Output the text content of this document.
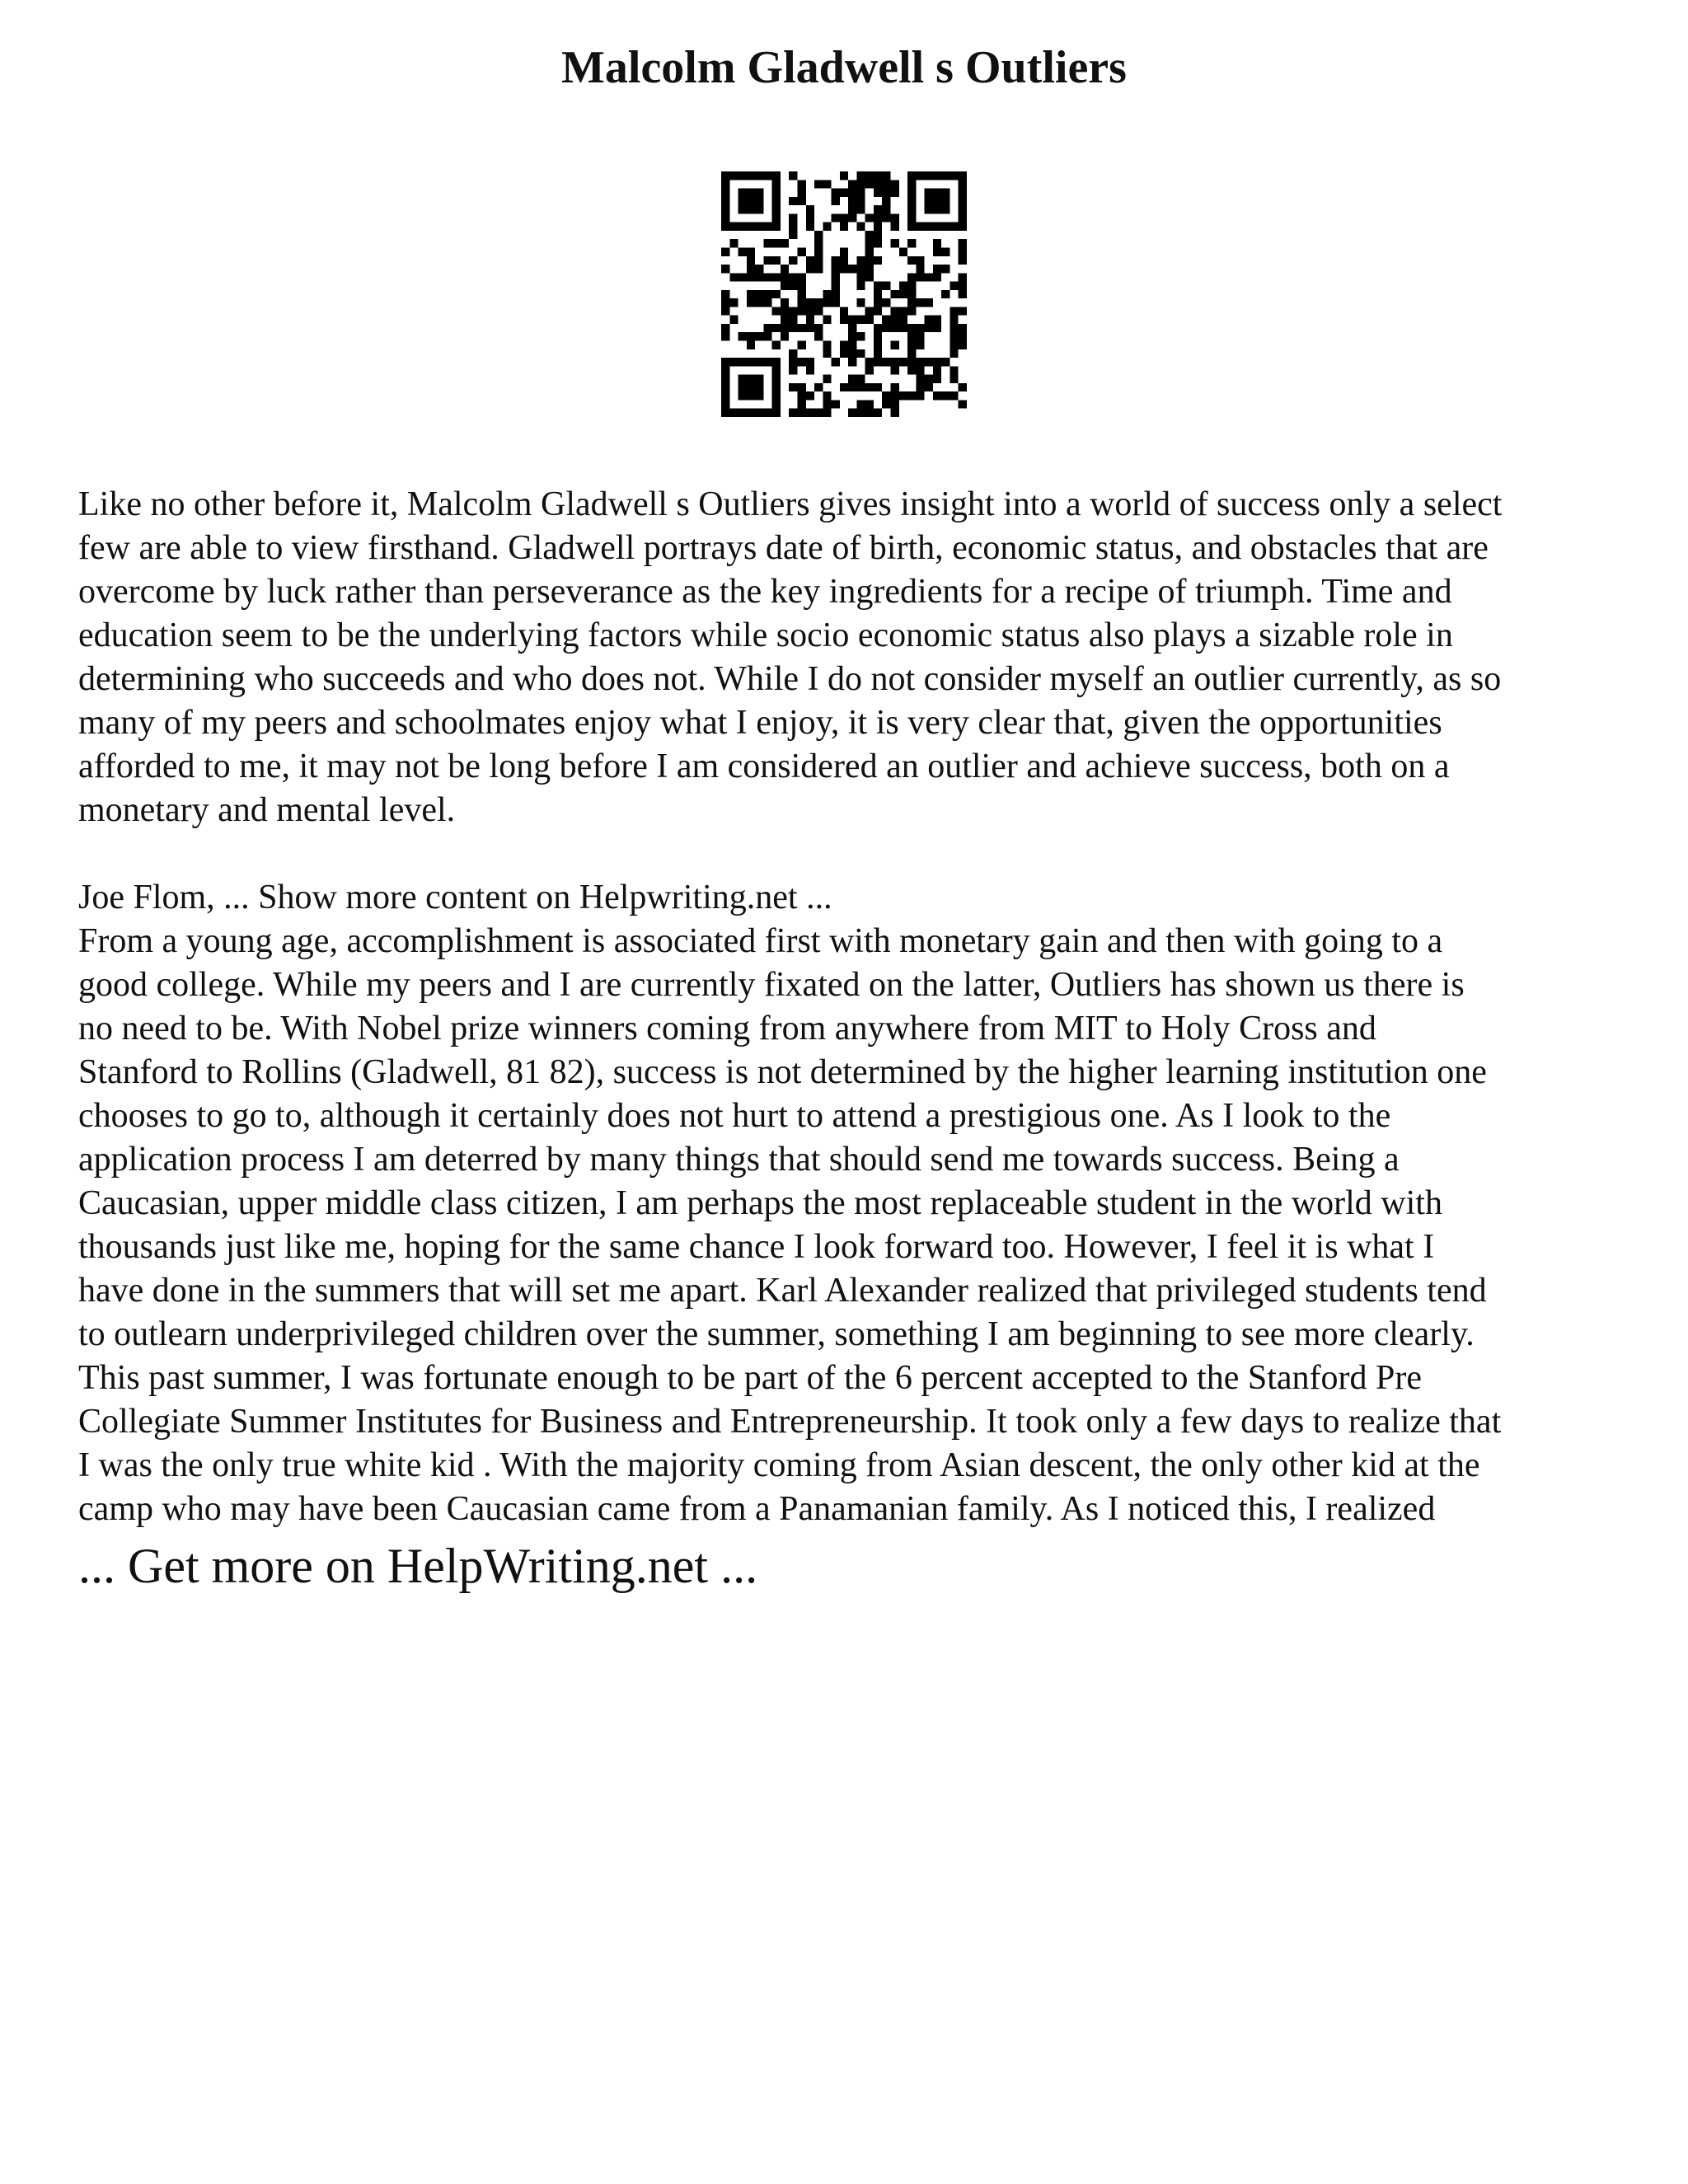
Malcolm Gladwell s Outliers

Like no other before it, Malcolm Gladwell s Outliers gives insight into a world of success only a select
few are able to view firsthand. Gladwell portrays date of birth, economic status, and obstacles that are
overcome by luck rather than perseverance as the key ingredients for a recipe of triumph. Time and
education seem to be the underlying factors while socio economic status also plays a sizable role in
determining who succeeds and who does not. While I do not consider myself an outlier currently, as so
many of my peers and schoolmates enjoy what I enjoy, it is very clear that, given the opportunities
afforded to me, it may not be long before I am considered an outlier and achieve success, both on a
monetary and mental level.

Joe Flom, ... Show more content on Helpwriting.net ...
From a young age, accomplishment is associated first with monetary gain and then with going to a
good college. While my peers and I are currently fixated on the latter, Outliers has shown us there is
no need to be. With Nobel prize winners coming from anywhere from MIT to Holy Cross and
Stanford to Rollins (Gladwell, 81 82), success is not determined by the higher learning institution one
chooses to go to, although it certainly does not hurt to attend a prestigious one. As I look to the
application process I am deterred by many things that should send me towards success. Being a
Caucasian, upper middle class citizen, I am perhaps the most replaceable student in the world with
thousands just like me, hoping for the same chance I look forward too. However, I feel it is what I
have done in the summers that will set me apart. Karl Alexander realized that privileged students tend
to outlearn underprivileged children over the summer, something I am beginning to see more clearly.
This past summer, I was fortunate enough to be part of the 6 percent accepted to the Stanford Pre
Collegiate Summer Institutes for Business and Entrepreneurship. It took only a few days to realize that
I was the only true white kid . With the majority coming from Asian descent, the only other kid at the
camp who may have been Caucasian came from a Panamanian family. As I noticed this, I realized

... Get more on HelpWriting.net ...
